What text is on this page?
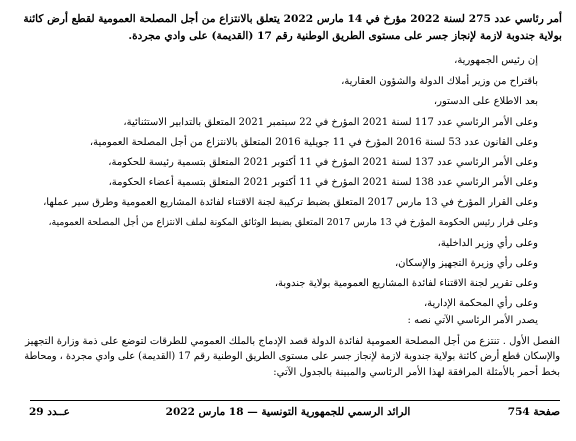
أمر رئاسي عدد 275 لسنة 2022 مؤرخ في 14 مارس 2022 يتعلق بالانتزاع من أجل المصلحة العمومية لقطع أرض كائنة
بولاية جندوبة لازمة لإنجاز جسر على مستوى الطريق الوطنية رقم 17 (القديمة) على وادي مجردة.
إن رئيس الجمهورية،
باقتراح من وزير أملاك الدولة والشؤون العقارية،
بعد الاطلاع على الدستور،
وعلى الأمر الرئاسي عدد 117 لسنة 2021 المؤرخ في 22 سبتمبر 2021 المتعلق بالتدابير الاستثنائية،
وعلى القانون عدد 53 لسنة 2016 المؤرخ في 11 جويلية 2016 المتعلق بالانتزاع من أجل المصلحة العمومية،
وعلى الأمر الرئاسي عدد 137 لسنة 2021 المؤرخ في 11 أكتوبر 2021 المتعلق بتسمية رئيسة للحكومة،
وعلى الأمر الرئاسي عدد 138 لسنة 2021 المؤرخ في 11 أكتوبر 2021 المتعلق بتسمية أعضاء الحكومة،
وعلى القرار المؤرخ في 13 مارس 2017 المتعلق بضبط تركيبة لجنة الاقتناء لفائدة المشاريع العمومية وطرق سير عملها،
وعلى قرار رئيس الحكومة المؤرخ في 13 مارس 2017 المتعلق بضبط الوثائق المكونة لملف الانتزاع من أجل المصلحة العمومية،
وعلى رأي وزير الداخلية،
وعلى رأي وزيرة التجهيز والإسكان،
وعلى تقرير لجنة الاقتناء لفائدة المشاريع العمومية بولاية جندوبة،
وعلى رأي المحكمة الإدارية،
يصدر الأمر الرئاسي الآتي نصه :
الفصل الأول . تنتزع من أجل المصلحة العمومية لفائدة الدولة قصد الإدماج بالملك العمومي للطرقات لتوضع على ذمة وزارة التجهيز
والإسكان قطع أرض كائنة بولاية جندوبة لازمة لإنجاز جسر على مستوى الطريق الوطنية رقم 17 (القديمة) على وادي مجردة ، ومحاطة
بخط أحمر بالأمثلة المرافقة لهذا الأمر الرئاسي والمبينة بالجدول الآتي:
صفحة 754
الرائد الرسمي للجمهورية التونسية — 18 مارس 2022
عــدد 29
